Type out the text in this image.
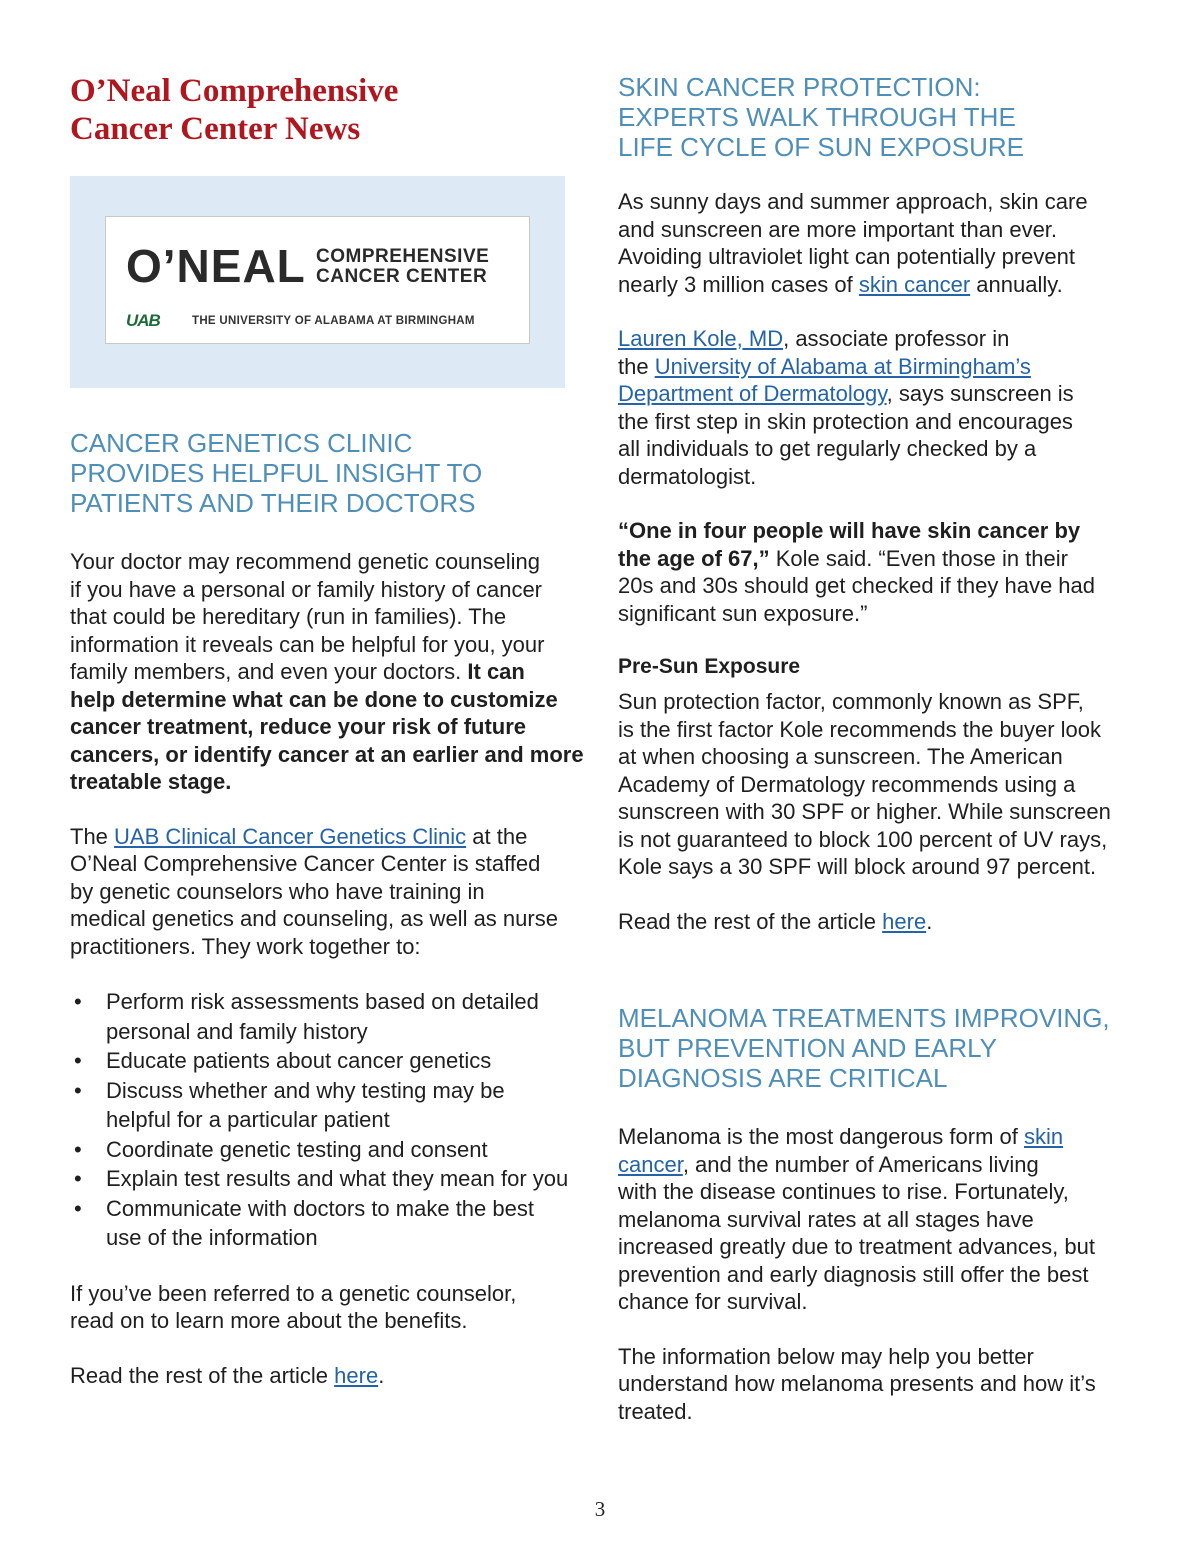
O’Neal Comprehensive
Cancer Center News
O’NEAL COMPREHENSIVE
CANCER CENTER
UAB	THE UNIVERSITY OF ALABAMA AT BIRMINGHAM
CANCER GENETICS CLINIC
PROVIDES HELPFUL INSIGHT TO
PATIENTS AND THEIR DOCTORS

Your doctor may recommend genetic counseling
if you have a personal or family history of cancer
that could be hereditary (run in families). The
information it reveals can be helpful for you, your
family members, and even your doctors. It can
help determine what can be done to customize
cancer treatment, reduce your risk of future
cancers, or identify cancer at an earlier and more
treatable stage.

The UAB Clinical Cancer Genetics Clinic at the
O’Neal Comprehensive Cancer Center is staffed
by genetic counselors who have training in
medical genetics and counseling, as well as nurse
practitioners. They work together to:

• Perform risk assessments based on detailed
personal and family history
• Educate patients about cancer genetics
• Discuss whether and why testing may be
helpful for a particular patient
• Coordinate genetic testing and consent
• Explain test results and what they mean for you
• Communicate with doctors to make the best
use of the information

If you’ve been referred to a genetic counselor,
read on to learn more about the benefits.

Read the rest of the article here.

SKIN CANCER PROTECTION:
EXPERTS WALK THROUGH THE
LIFE CYCLE OF SUN EXPOSURE

As sunny days and summer approach, skin care
and sunscreen are more important than ever.
Avoiding ultraviolet light can potentially prevent
nearly 3 million cases of skin cancer annually.

Lauren Kole, MD, associate professor in
the University of Alabama at Birmingham’s
Department of Dermatology, says sunscreen is
the first step in skin protection and encourages
all individuals to get regularly checked by a
dermatologist.

“One in four people will have skin cancer by
the age of 67,” Kole said. “Even those in their
20s and 30s should get checked if they have had
significant sun exposure.”

Pre-Sun Exposure

Sun protection factor, commonly known as SPF,
is the first factor Kole recommends the buyer look
at when choosing a sunscreen. The American
Academy of Dermatology recommends using a
sunscreen with 30 SPF or higher. While sunscreen
is not guaranteed to block 100 percent of UV rays,
Kole says a 30 SPF will block around 97 percent.

Read the rest of the article here.

MELANOMA TREATMENTS IMPROVING,
BUT PREVENTION AND EARLY
DIAGNOSIS ARE CRITICAL

Melanoma is the most dangerous form of skin
cancer, and the number of Americans living
with the disease continues to rise. Fortunately,
melanoma survival rates at all stages have
increased greatly due to treatment advances, but
prevention and early diagnosis still offer the best
chance for survival.

The information below may help you better
understand how melanoma presents and how it’s
treated.

3
